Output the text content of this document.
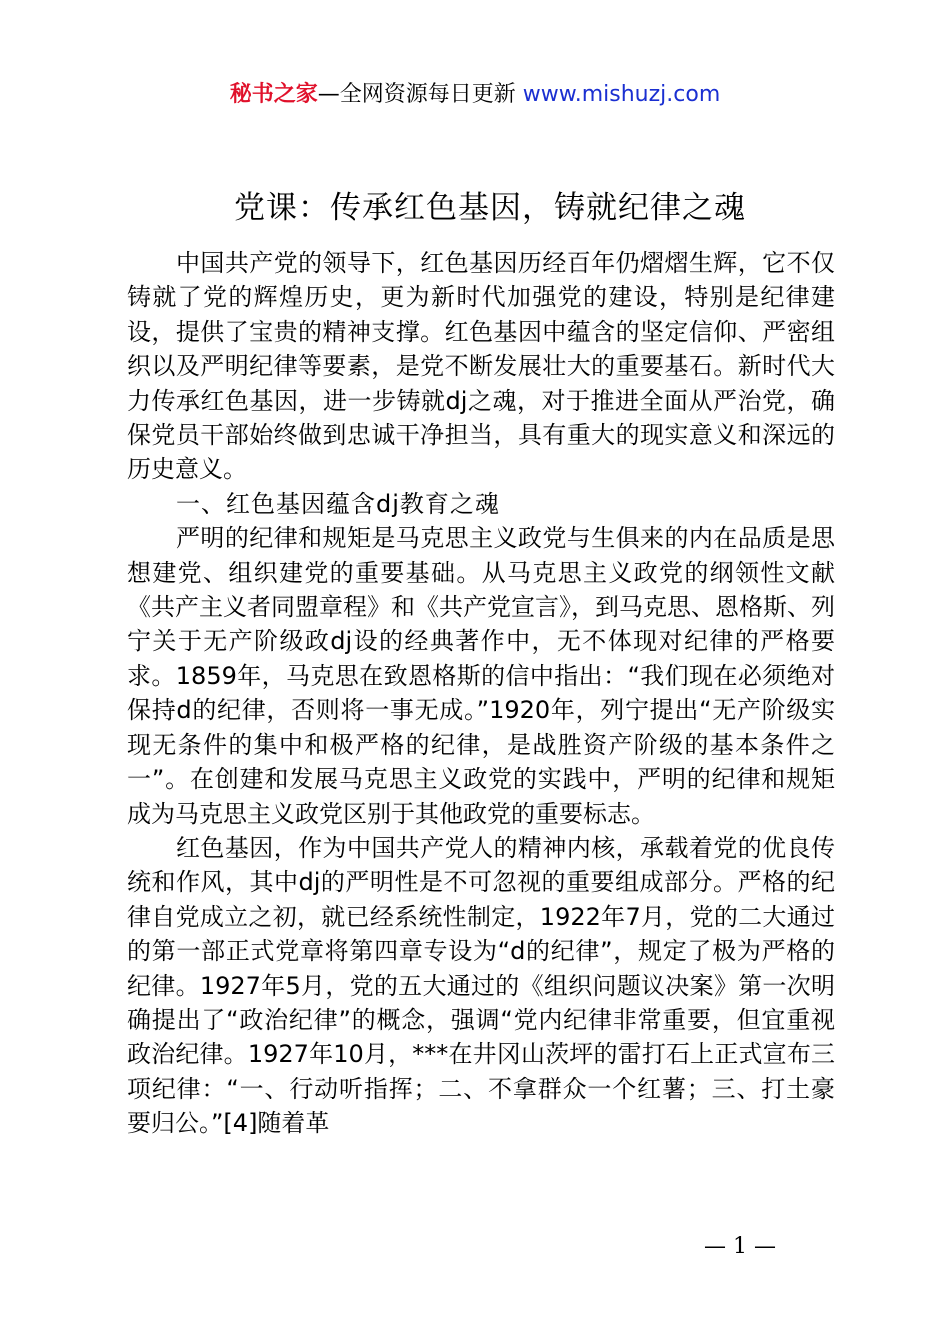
秘书之家—全网资源每日更新 www.mishuzj.com
党课：传承红色基因，铸就纪律之魂

中国共产党的领导下，红色基因历经百年仍熠熠生辉，它不仅铸就了党的辉煌历史，更为新时代加强党的建设，特别是纪律建设，提供了宝贵的精神支撑。红色基因中蕴含的坚定信仰、严密组织以及严明纪律等要素，是党不断发展壮大的重要基石。新时代大力传承红色基因，进一步铸就dj之魂，对于推进全面从严治党，确保党员干部始终做到忠诚干净担当，具有重大的现实意义和深远的历史意义。

一、红色基因蕴含dj教育之魂

严明的纪律和规矩是马克思主义政党与生俱来的内在品质是思想建党、组织建党的重要基础。从马克思主义政党的纲领性文献《共产主义者同盟章程》和《共产党宣言》，到马克思、恩格斯、列宁关于无产阶级政dj设的经典著作中，无不体现对纪律的严格要求。1859年，马克思在致恩格斯的信中指出：“我们现在必须绝对保持d的纪律，否则将一事无成。”1920年，列宁提出“无产阶级实现无条件的集中和极严格的纪律，是战胜资产阶级的基本条件之一”。在创建和发展马克思主义政党的实践中，严明的纪律和规矩成为马克思主义政党区别于其他政党的重要标志。

红色基因，作为中国共产党人的精神内核，承载着党的优良传统和作风，其中dj的严明性是不可忽视的重要组成部分。严格的纪律自党成立之初，就已经系统性制定，1922年7月，党的二大通过的第一部正式党章将第四章专设为“d的纪律”，规定了极为严格的纪律。1927年5月，党的五大通过的《组织问题议决案》第一次明确提出了“政治纪律”的概念，强调“党内纪律非常重要，但宜重视政治纪律。1927年10月，***在井冈山茨坪的雷打石上正式宣布三项纪律：“一、行动听指挥；二、不拿群众一个红薯；三、打土豪要归公。”[4]随着革

— 1 —
